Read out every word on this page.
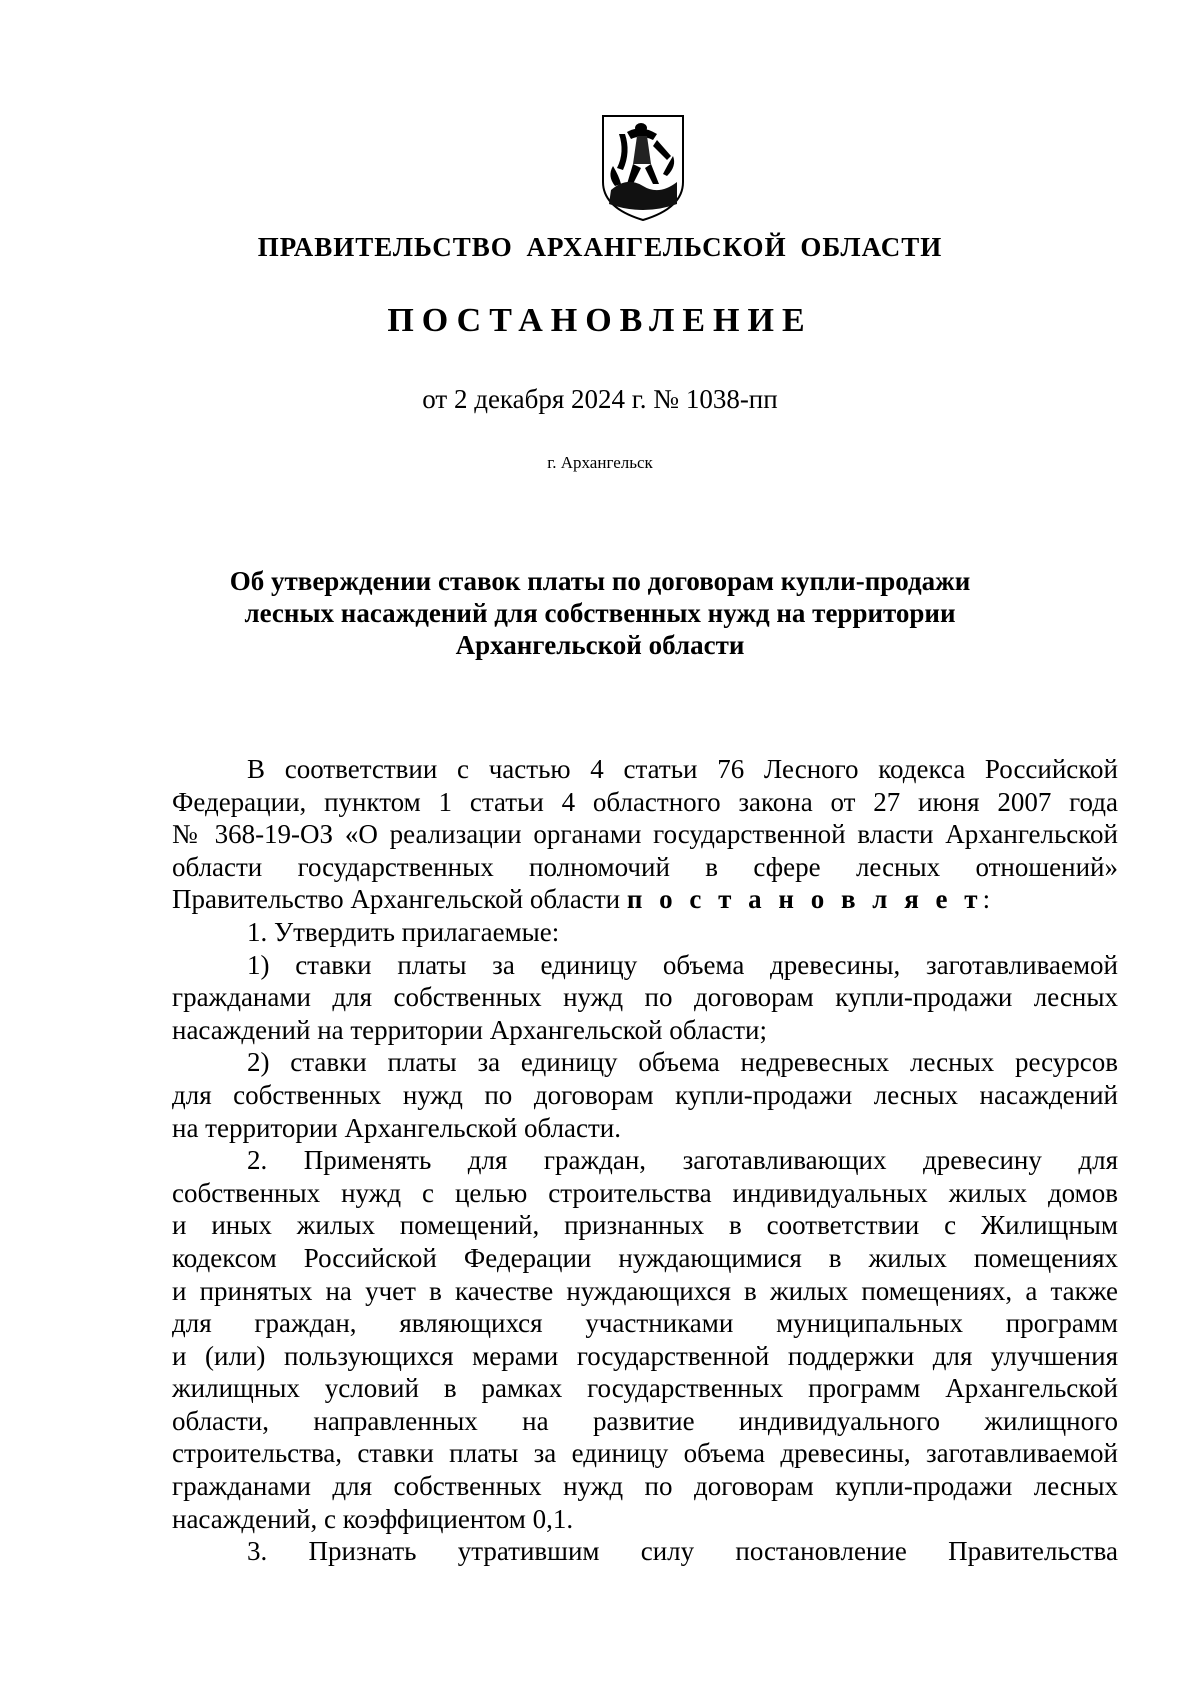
ПРАВИТЕЛЬСТВО АРХАНГЕЛЬСКОЙ ОБЛАСТИ
ПОСТАНОВЛЕНИЕ
от 2 декабря 2024 г. № 1038-пп
г. Архангельск
Об утверждении ставок платы по договорам купли-продажи
лесных насаждений для собственных нужд на территории
Архангельской области
В соответствии с частью 4 статьи 76 Лесного кодекса Российской
Федерации, пунктом 1 статьи 4 областного закона от 27 июня 2007 года
№ 368-19-ОЗ «О реализации органами государственной власти Архангельской
области государственных полномочий в сфере лесных отношений»
Правительство Архангельской области п о с т а н о в л я е т:
1. Утвердить прилагаемые:
1) ставки платы за единицу объема древесины, заготавливаемой
гражданами для собственных нужд по договорам купли-продажи лесных
насаждений на территории Архангельской области;
2) ставки платы за единицу объема недревесных лесных ресурсов
для собственных нужд по договорам купли-продажи лесных насаждений
на территории Архангельской области.
2. Применять для граждан, заготавливающих древесину для
собственных нужд с целью строительства индивидуальных жилых домов
и иных жилых помещений, признанных в соответствии с Жилищным
кодексом Российской Федерации нуждающимися в жилых помещениях
и принятых на учет в качестве нуждающихся в жилых помещениях, а также
для граждан, являющихся участниками муниципальных программ
и (или) пользующихся мерами государственной поддержки для улучшения
жилищных условий в рамках государственных программ Архангельской
области, направленных на развитие индивидуального жилищного
строительства, ставки платы за единицу объема древесины, заготавливаемой
гражданами для собственных нужд по договорам купли-продажи лесных
насаждений, с коэффициентом 0,1.
3. Признать утратившим силу постановление Правительства
